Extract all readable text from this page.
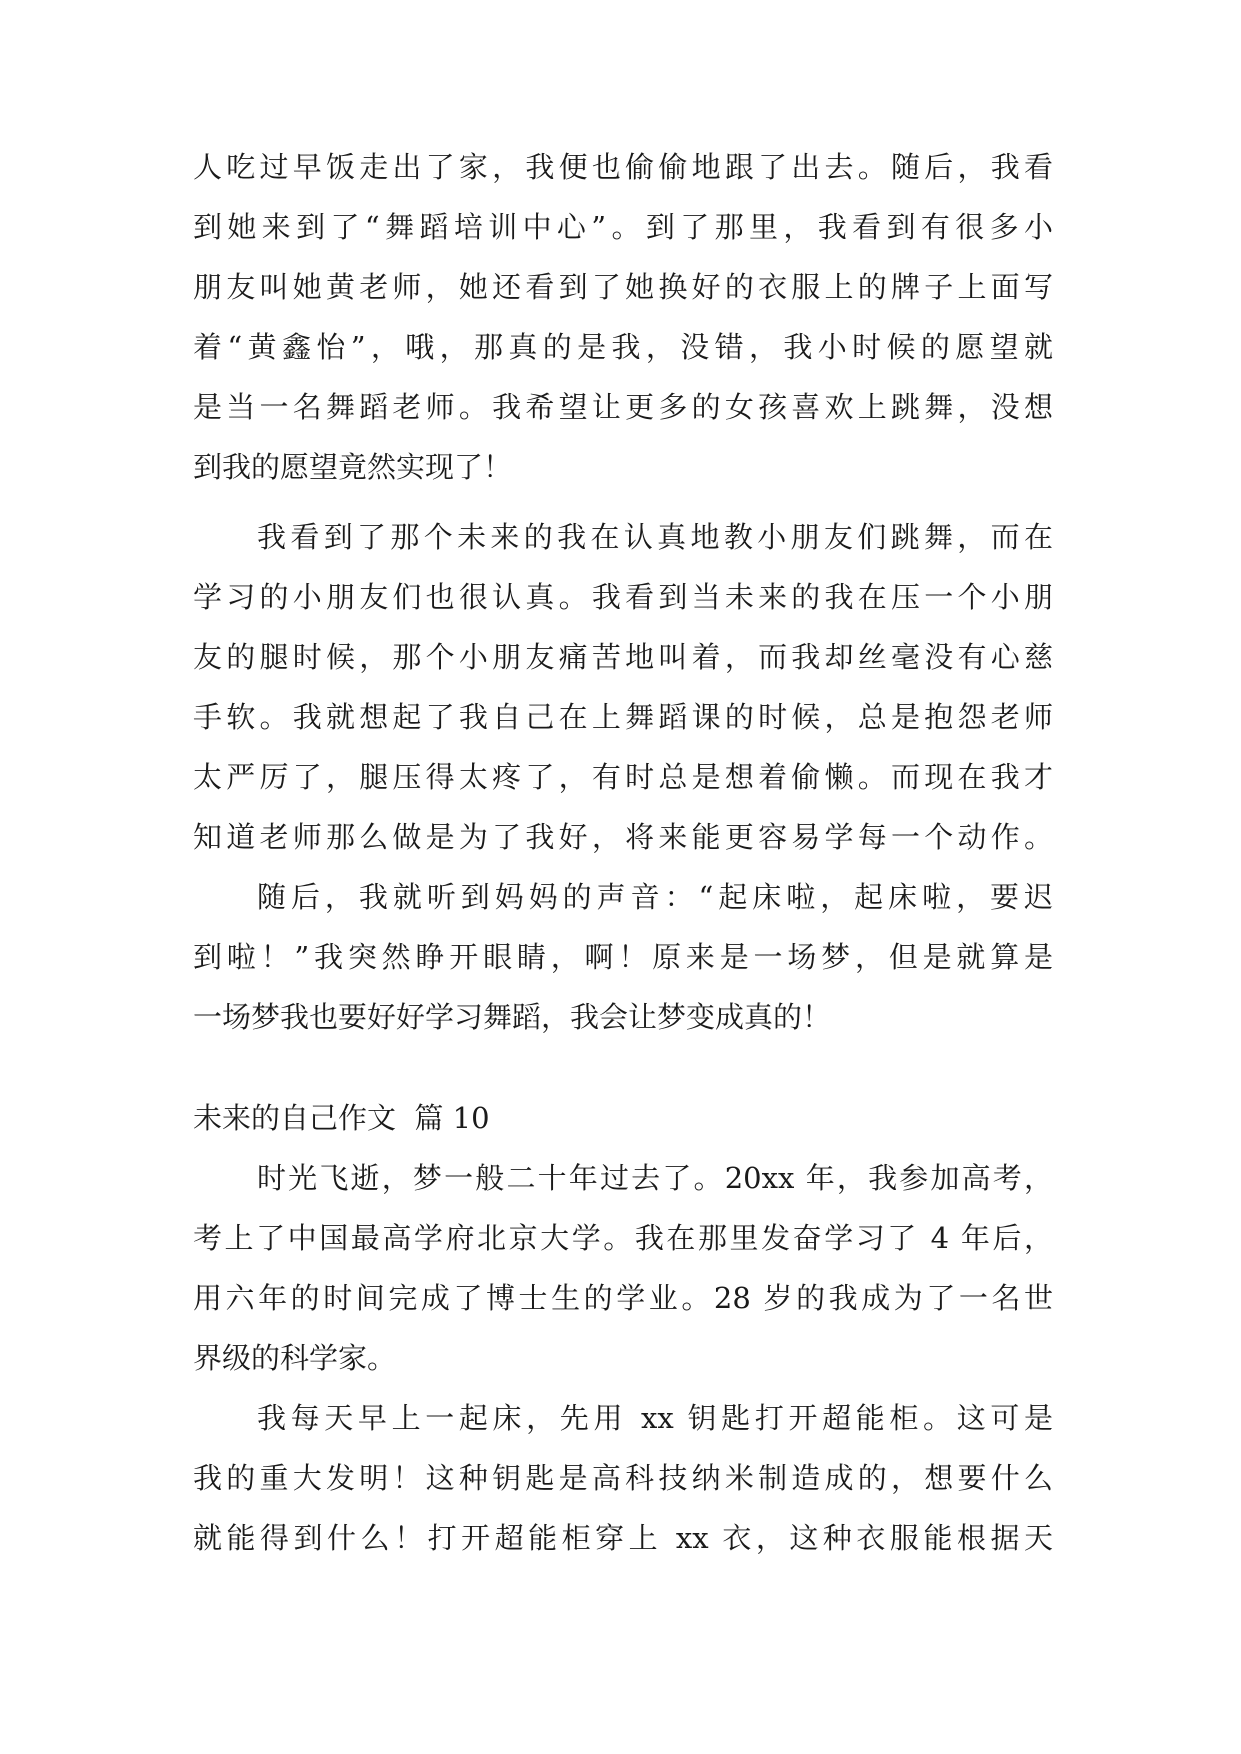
人吃过早饭走出了家，我便也偷偷地跟了出去。随后，我看
到她来到了“舞蹈培训中心”。到了那里，我看到有很多小
朋友叫她黄老师，她还看到了她换好的衣服上的牌子上面写
着“黄鑫怡”，哦，那真的是我，没错，我小时候的愿望就
是当一名舞蹈老师。我希望让更多的女孩喜欢上跳舞，没想
到我的愿望竟然实现了！
我看到了那个未来的我在认真地教小朋友们跳舞，而在
学习的小朋友们也很认真。我看到当未来的我在压一个小朋
友的腿时候，那个小朋友痛苦地叫着，而我却丝毫没有心慈
手软。我就想起了我自己在上舞蹈课的时候，总是抱怨老师
太严厉了，腿压得太疼了，有时总是想着偷懒。而现在我才
知道老师那么做是为了我好，将来能更容易学每一个动作。
随后，我就听到妈妈的声音：“起床啦，起床啦，要迟
到啦！”我突然睁开眼睛，啊！原来是一场梦，但是就算是
一场梦我也要好好学习舞蹈，我会让梦变成真的！
未来的自己作文  篇 10
时光飞逝，梦一般二十年过去了。20xx 年，我参加高考，
考上了中国最高学府北京大学。我在那里发奋学习了 4 年后，
用六年的时间完成了博士生的学业。28 岁的我成为了一名世
界级的科学家。
我每天早上一起床，先用 xx 钥匙打开超能柜。这可是
我的重大发明！这种钥匙是高科技纳米制造成的，想要什么
就能得到什么！打开超能柜穿上 xx 衣，这种衣服能根据天
